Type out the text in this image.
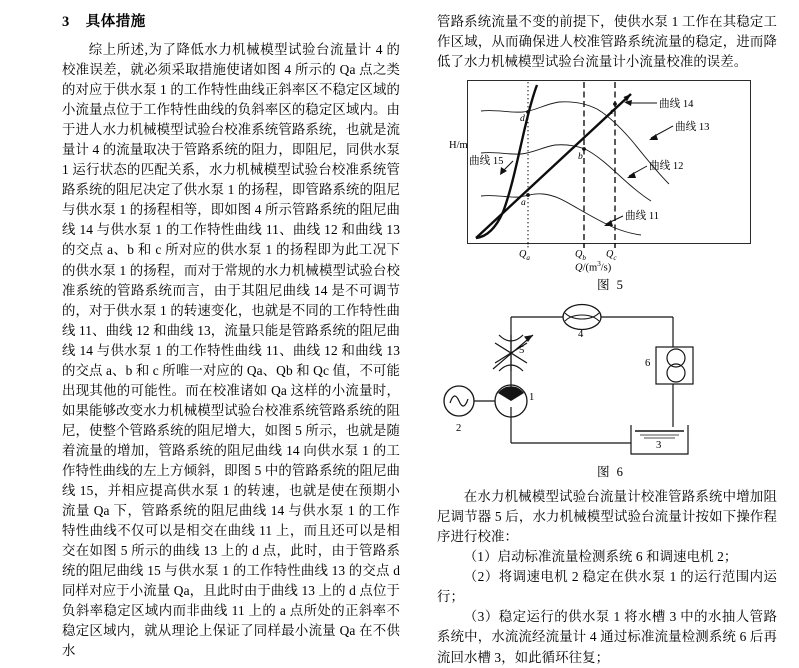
3 具体措施

综上所述,为了降低水力机械模型试验台流量计 4 的校准误差，就必须采取措施使诸如图 4 所示的 Qa 点之类的对应于供水泵 1 的工作特性曲线正斜率区不稳定区域的小流量点位于工作特性曲线的负斜率区的稳定区域内。由于进人水力机械模型试验台校准系统管路系统，也就是流量计 4 的流量取决于管路系统的阻力，即阻尼，同供水泵 1 运行状态的匹配关系，水力机械模型试验台校准系统管路系统的阻尼决定了供水泵 1 的扬程，即管路系统的阻尼与供水泵 1 的扬程相等，即如图 4 所示管路系统的阻尼曲线 14 与供水泵 1 的工作特性曲线 11、曲线 12 和曲线 13 的交点 a、b 和 c 所对应的供水泵 1 的扬程即为此工况下的供水泵 1 的扬程，而对于常规的水力机械模型试验台校准系统的管路系统而言，由于其阻尼曲线 14 是不可调节的，对于供水泵 1 的转速变化，也就是不同的工作特性曲线 11、曲线 12 和曲线 13，流量只能是管路系统的阻尼曲线 14 与供水泵 1 的工作特性曲线 11、曲线 12 和曲线 13 的交点 a、b 和 c 所唯一对应的 Qa、Qb 和 Qc 值，不可能出现其他的可能性。而在校准诸如 Qa 这样的小流量时，如果能够改变水力机械模型试验台校准系统管路系统的阻尼，使整个管路系统的阻尼增大，如图 5 所示，也就是随着流量的增加，管路系统的阻尼曲线 14 向供水泵 1 的工作特性曲线的左上方倾斜，即图 5 中的管路系统的阻尼曲线 15，并相应提高供水泵 1 的转速，也就是使在预期小流量 Qa 下，管路系统的阻尼曲线 14 与供水泵 1 的工作特性曲线不仅可以是相交在曲线 11 上，而且还可以是相交在如图 5 所示的曲线 13 上的 d 点，此时，由于管路系统的阻尼曲线 15 与供水泵 1 的工作特性曲线 13 的交点 d 同样对应于小流量 Qa，且此时由于曲线 13 上的 d 点位于负斜率稳定区域内而非曲线 11 上的 a 点所处的正斜率不稳定区域内，就从理论上保证了同样最小流量 Qa 在不供水

管路系统流量不变的前提下，使供水泵 1 工作在其稳定工作区域，从而确保进人校准管路系统流量的稳定，进而降低了水力机械模型试验台流量计小流量校准的误差。

H/m
曲线 14
曲线 13
曲线 12
曲线 11
曲线 15
d
a
b
c
$Q_a$	$Q_b$ $Q_c$
$Q/(m^3/s)$
图 5
2
1
5
4
6
3
图 6

在水力机械模型试验台流量计校准管路系统中增加阻尼调节器 5 后，水力机械模型试验台流量计按如下操作程序进行校准：

（1）启动标准流量检测系统 6 和调速电机 2；

（2）将调速电机 2 稳定在供水泵 1 的运行范围内运行；

（3）稳定运行的供水泵 1 将水槽 3 中的水抽人管路系统中，水流流经流量计 4 通过标准流量检测系统 6 后再流回水槽 3，如此循环往复；
